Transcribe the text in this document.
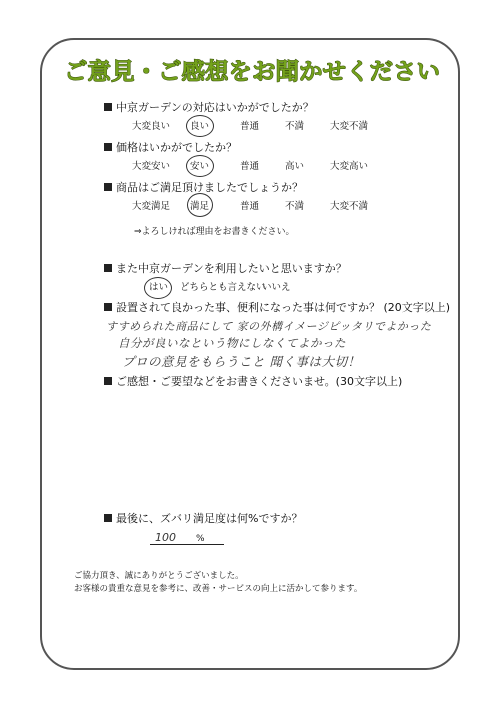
ご意見・ご感想をお聞かせください
中京ガーデンの対応はいかがでしたか？
大変良い 良い	普通	不満	大変不満
価格はいかがでしたか？
大変安い 安い	普通	高い	大変高い
商品はご満足頂けましたでしょうか？
大変満足 満足	普通	不満	大変不満
⇒よろしければ理由をお書きください。
また中京ガーデンを利用したいと思いますか？
はい どちらとも言えない
いいえ
設置されて良かった事、便利になった事は何ですか？ (20文字以上)
すすめられた商品にして 家の外構イメージピッタリでよかった
自分が良いなという物にしなくてよかった
プロの意見をもらうこと 聞く事は大切！
ご感想・ご要望などをお書きくださいませ。(30文字以上)
最後に、ズバリ満足度は何%ですか？
100 %
ご協力頂き、誠にありがとうございました。
お客様の貴重な意見を参考に、改善・サービスの向上に活かして参ります。
